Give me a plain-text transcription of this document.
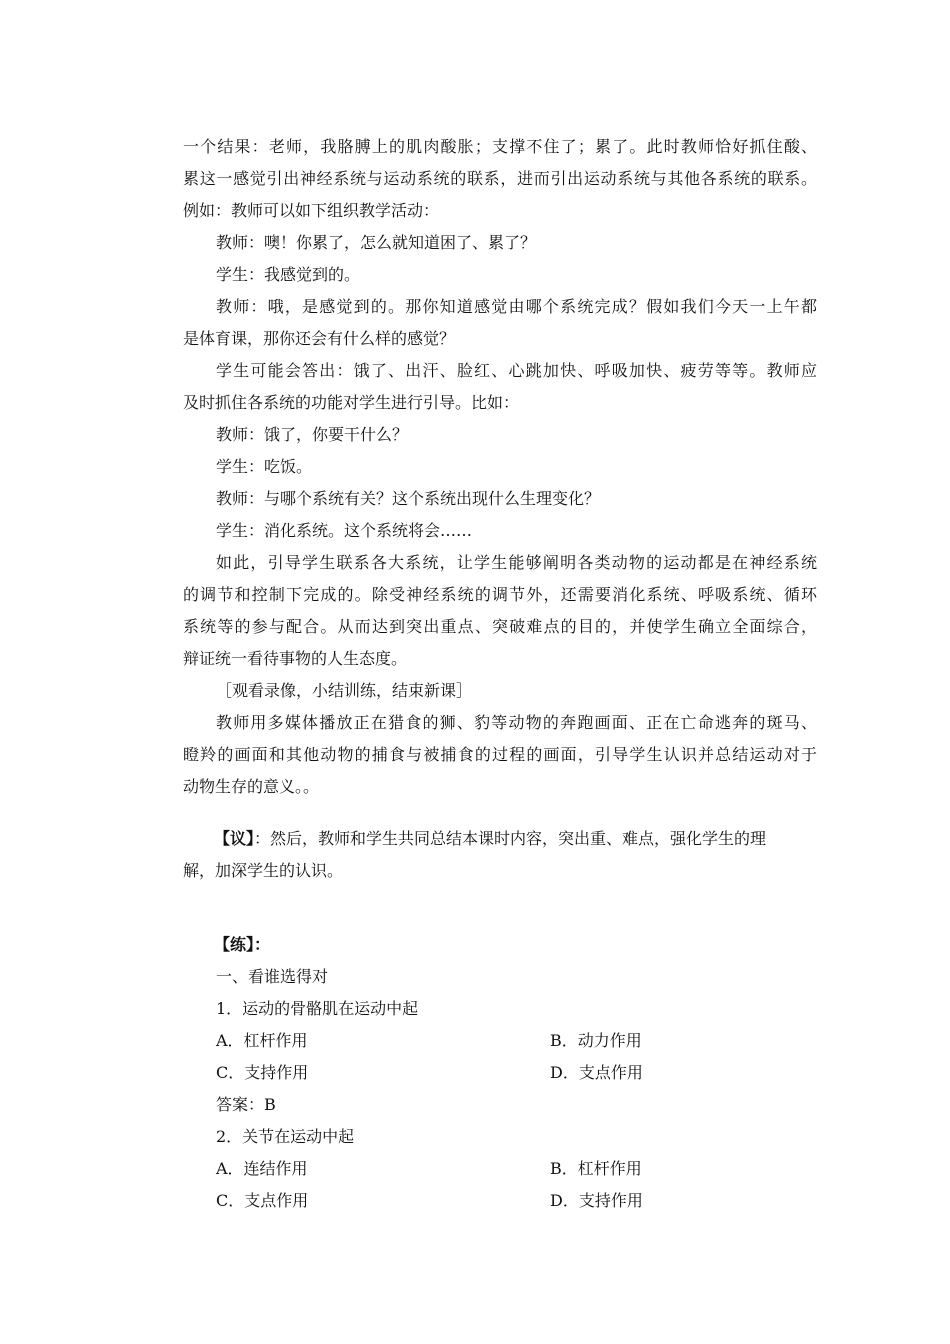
一个结果：老师，我胳膊上的肌肉酸胀；支撑不住了；累了。此时教师恰好抓住酸、
累这一感觉引出神经系统与运动系统的联系，进而引出运动系统与其他各系统的联系。
例如：教师可以如下组织教学活动：
教师：噢！你累了，怎么就知道困了、累了？
学生：我感觉到的。
教师：哦，是感觉到的。那你知道感觉由哪个系统完成？假如我们今天一上午都
是体育课，那你还会有什么样的感觉？
学生可能会答出：饿了、出汗、脸红、心跳加快、呼吸加快、疲劳等等。教师应
及时抓住各系统的功能对学生进行引导。比如：
教师：饿了，你要干什么？
学生：吃饭。
教师：与哪个系统有关？这个系统出现什么生理变化？
学生：消化系统。这个系统将会……
如此，引导学生联系各大系统，让学生能够阐明各类动物的运动都是在神经系统
的调节和控制下完成的。除受神经系统的调节外，还需要消化系统、呼吸系统、循环
系统等的参与配合。从而达到突出重点、突破难点的目的，并使学生确立全面综合，
辩证统一看待事物的人生态度。
［观看录像，小结训练，结束新课］
教师用多媒体播放正在猎食的狮、豹等动物的奔跑画面、正在亡命逃奔的斑马、
瞪羚的画面和其他动物的捕食与被捕食的过程的画面，引导学生认识并总结运动对于
动物生存的意义。。
【议】：然后，教师和学生共同总结本课时内容，突出重、难点，强化学生的理
解，加深学生的认识。
【练】：
一、看谁选得对
1．运动的骨骼肌在运动中起
A．杠杆作用	B．动力作用
C．支持作用	D．支点作用
答案：B
2．关节在运动中起
A．连结作用	B．杠杆作用
C．支点作用	D．支持作用
